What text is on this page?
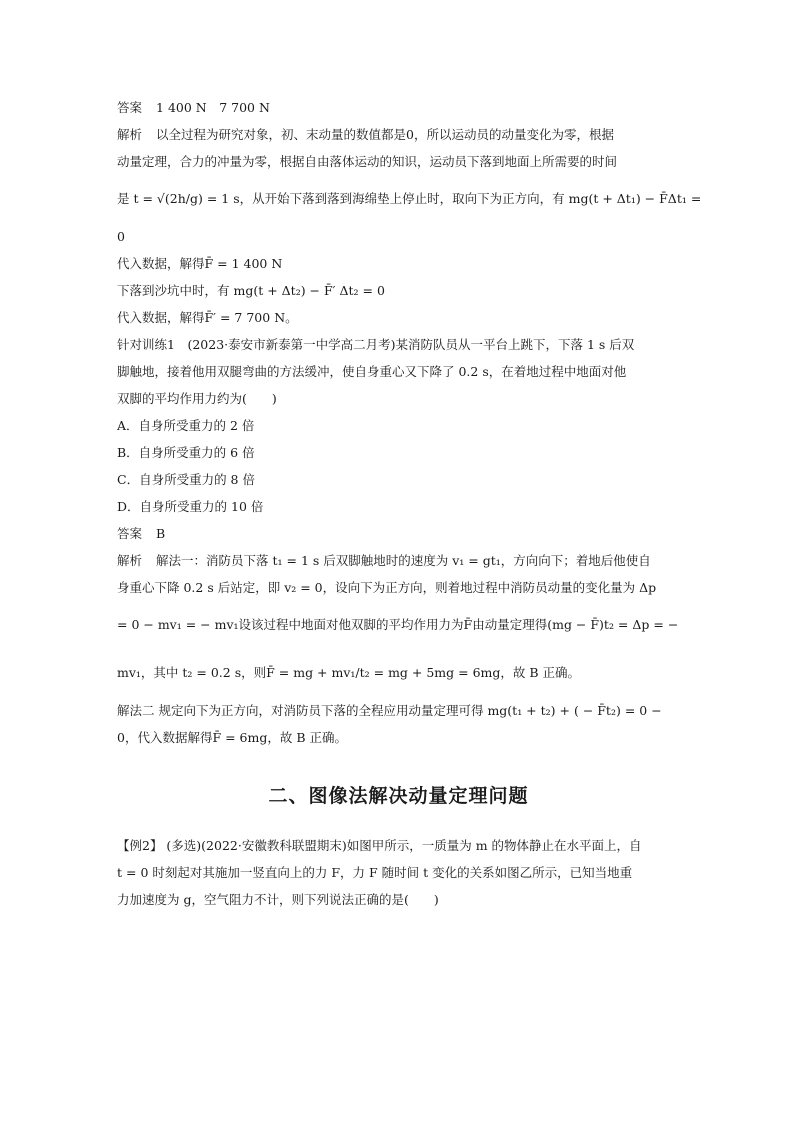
答案 1 400 N　7 700 N
解析 以全过程为研究对象，初、末动量的数值都是0，所以运动员的动量变化为零，根据
动量定理，合力的冲量为零，根据自由落体运动的知识，运动员下落到地面上所需要的时间
是 t = √(2h/g) = 1 s，从开始下落到落到海绵垫上停止时，取向下为正方向，有 mg(t + Δt₁) − F̄Δt₁ =
0
代入数据，解得F̄ = 1 400 N
下落到沙坑中时，有 mg(t + Δt₂) − F̄′ Δt₂ = 0
代入数据，解得F̄′ = 7 700 N。
针对训练1　(2023·泰安市新泰第一中学高二月考)某消防队员从一平台上跳下，下落 1 s 后双
脚触地，接着他用双腿弯曲的方法缓冲，使自身重心又下降了 0.2 s，在着地过程中地面对他
双脚的平均作用力约为(　　)
A．自身所受重力的 2 倍
B．自身所受重力的 6 倍
C．自身所受重力的 8 倍
D．自身所受重力的 10 倍
答案 B
解析 解法一：消防员下落 t₁ = 1 s 后双脚触地时的速度为 v₁ = gt₁，方向向下；着地后他使自
身重心下降 0.2 s 后站定，即 v₂ = 0，设向下为正方向，则着地过程中消防员动量的变化量为 Δp
= 0 − mv₁ = − mv₁设该过程中地面对他双脚的平均作用力为F̄由动量定理得(mg − F̄)t₂ = Δp = −
mv₁，其中 t₂ = 0.2 s，则F̄ = mg + mv₁/t₂ = mg + 5mg = 6mg，故 B 正确。
解法二 规定向下为正方向，对消防员下落的全程应用动量定理可得 mg(t₁ + t₂) + ( − F̄t₂) = 0 −
0，代入数据解得F̄ = 6mg，故 B 正确。
二、图像法解决动量定理问题
【例2】 (多选)(2022·安徽教科联盟期末)如图甲所示，一质量为 m 的物体静止在水平面上，自
t = 0 时刻起对其施加一竖直向上的力 F，力 F 随时间 t 变化的关系如图乙所示，已知当地重
力加速度为 g，空气阻力不计，则下列说法正确的是(　　)
